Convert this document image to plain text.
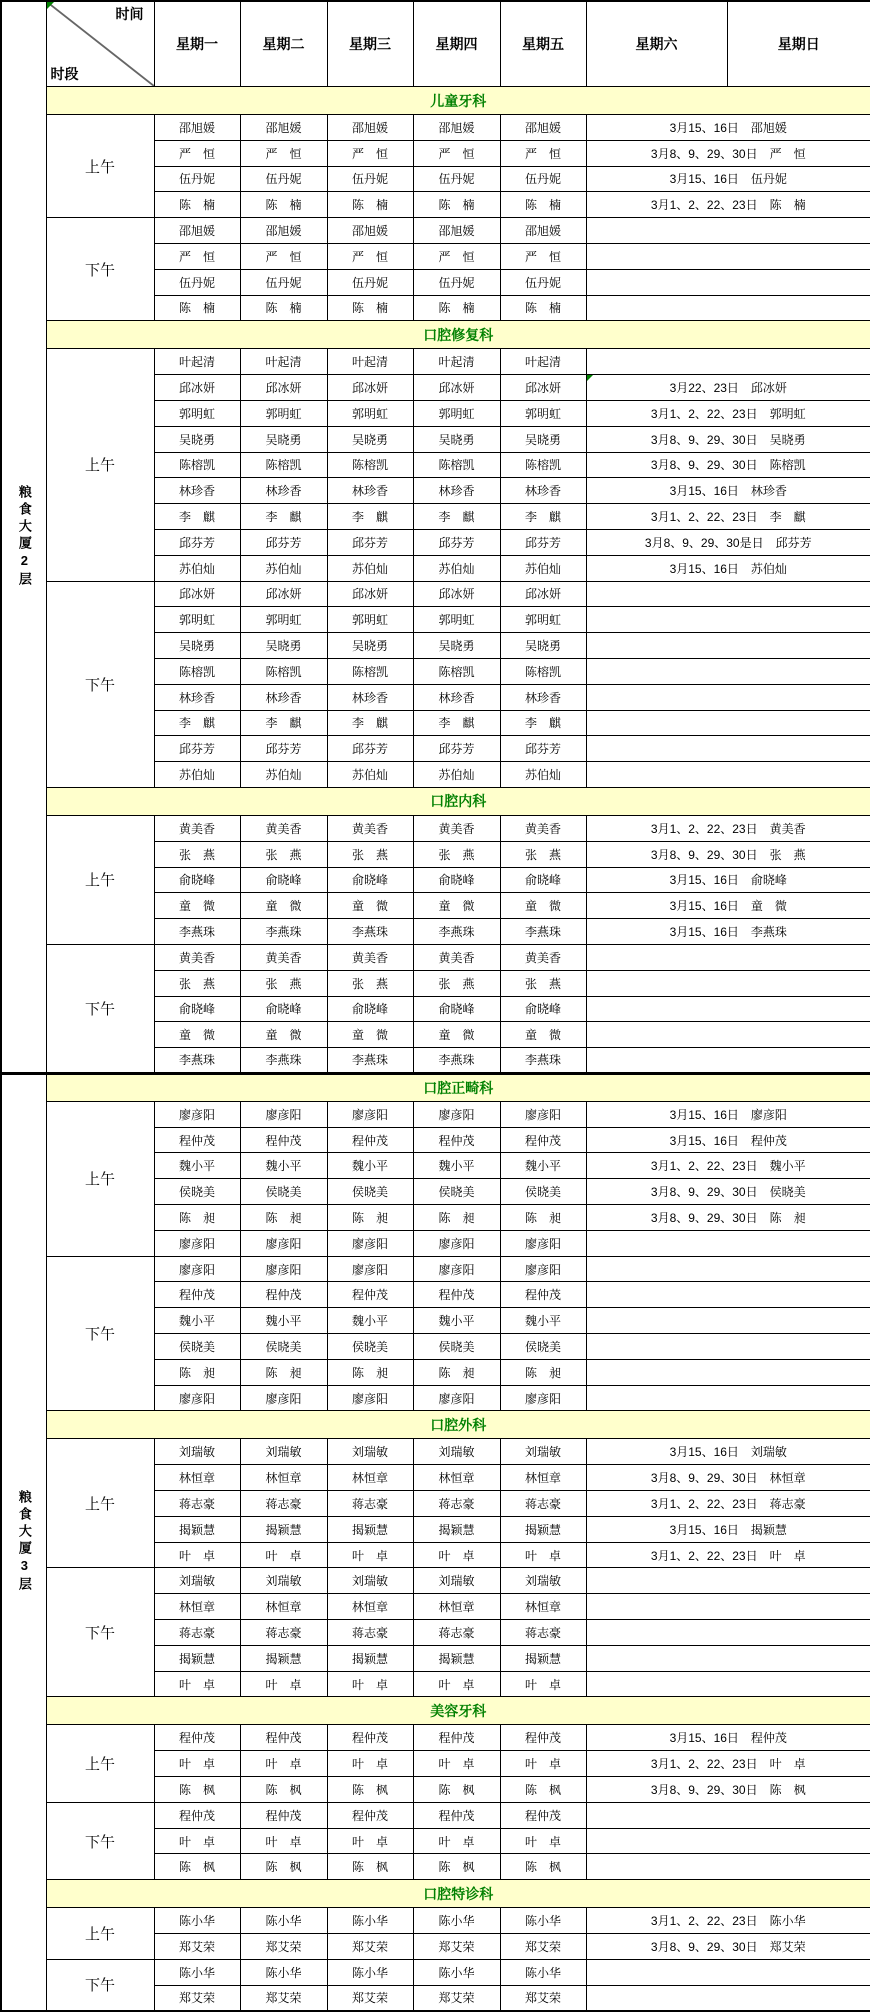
粮食大厦2层	时间

时段	星期一	星期二	星期三	星期四	星期五	星期六	星期日
	儿童牙科							
	上午	邵旭媛	邵旭媛	邵旭媛	邵旭媛	邵旭媛	3月15、16日　邵旭媛	
		严　恒	严　恒	严　恒	严　恒	严　恒	3月8、9、29、30日　严　恒	
		伍丹妮	伍丹妮	伍丹妮	伍丹妮	伍丹妮	3月15、16日　伍丹妮	
		陈　楠	陈　楠	陈　楠	陈　楠	陈　楠	3月1、2、22、23日　陈　楠	
	下午	邵旭媛	邵旭媛	邵旭媛	邵旭媛	邵旭媛		
		严　恒	严　恒	严　恒	严　恒	严　恒		
		伍丹妮	伍丹妮	伍丹妮	伍丹妮	伍丹妮		
		陈　楠	陈　楠	陈　楠	陈　楠	陈　楠		
	口腔修复科							
	上午	叶起清	叶起清	叶起清	叶起清	叶起清		
		邱冰妍	邱冰妍	邱冰妍	邱冰妍	邱冰妍	3月22、23日　邱冰妍	
		郭明虹	郭明虹	郭明虹	郭明虹	郭明虹	3月1、2、22、23日　郭明虹	
		吴晓勇	吴晓勇	吴晓勇	吴晓勇	吴晓勇	3月8、9、29、30日　吴晓勇	
		陈榕凯	陈榕凯	陈榕凯	陈榕凯	陈榕凯	3月8、9、29、30日　陈榕凯	
		林珍香	林珍香	林珍香	林珍香	林珍香	3月15、16日　林珍香	
		李　麒	李　麒	李　麒	李　麒	李　麒	3月1、2、22、23日　李　麒	
		邱芬芳	邱芬芳	邱芬芳	邱芬芳	邱芬芳	3月8、9、29、30是日　邱芬芳	
		苏伯灿	苏伯灿	苏伯灿	苏伯灿	苏伯灿	3月15、16日　苏伯灿	
	下午	邱冰妍	邱冰妍	邱冰妍	邱冰妍	邱冰妍		
		郭明虹	郭明虹	郭明虹	郭明虹	郭明虹		
		吴晓勇	吴晓勇	吴晓勇	吴晓勇	吴晓勇		
		陈榕凯	陈榕凯	陈榕凯	陈榕凯	陈榕凯		
		林珍香	林珍香	林珍香	林珍香	林珍香		
		李　麒	李　麒	李　麒	李　麒	李　麒		
		邱芬芳	邱芬芳	邱芬芳	邱芬芳	邱芬芳		
		苏伯灿	苏伯灿	苏伯灿	苏伯灿	苏伯灿		
	口腔内科							
	上午	黄美香	黄美香	黄美香	黄美香	黄美香	3月1、2、22、23日　黄美香	
		张　燕	张　燕	张　燕	张　燕	张　燕	3月8、9、29、30日　张　燕	
		俞晓峰	俞晓峰	俞晓峰	俞晓峰	俞晓峰	3月15、16日　俞晓峰	
		童　微	童　微	童　微	童　微	童　微	3月15、16日　童　微	
		李燕珠	李燕珠	李燕珠	李燕珠	李燕珠	3月15、16日　李燕珠	
	下午	黄美香	黄美香	黄美香	黄美香	黄美香		
		张　燕	张　燕	张　燕	张　燕	张　燕		
		俞晓峰	俞晓峰	俞晓峰	俞晓峰	俞晓峰		
		童　微	童　微	童　微	童　微	童　微		
		李燕珠	李燕珠	李燕珠	李燕珠	李燕珠		

粮食大厦3层	口腔正畸科							
	上午	廖彦阳	廖彦阳	廖彦阳	廖彦阳	廖彦阳	3月15、16日　廖彦阳	
		程仲茂	程仲茂	程仲茂	程仲茂	程仲茂	3月15、16日　程仲茂	
		魏小平	魏小平	魏小平	魏小平	魏小平	3月1、2、22、23日　魏小平	
		侯晓美	侯晓美	侯晓美	侯晓美	侯晓美	3月8、9、29、30日　侯晓美	
		陈　昶	陈　昶	陈　昶	陈　昶	陈　昶	3月8、9、29、30日　陈　昶	
		廖彦阳	廖彦阳	廖彦阳	廖彦阳	廖彦阳		
	下午	廖彦阳	廖彦阳	廖彦阳	廖彦阳	廖彦阳		
		程仲茂	程仲茂	程仲茂	程仲茂	程仲茂		
		魏小平	魏小平	魏小平	魏小平	魏小平		
		侯晓美	侯晓美	侯晓美	侯晓美	侯晓美		
		陈　昶	陈　昶	陈　昶	陈　昶	陈　昶		
		廖彦阳	廖彦阳	廖彦阳	廖彦阳	廖彦阳		
	口腔外科							
	上午	刘瑞敏	刘瑞敏	刘瑞敏	刘瑞敏	刘瑞敏	3月15、16日　刘瑞敏	
		林恒章	林恒章	林恒章	林恒章	林恒章	3月8、9、29、30日　林恒章	
		蒋志豪	蒋志豪	蒋志豪	蒋志豪	蒋志豪	3月1、2、22、23日　蒋志豪	
		揭颖慧	揭颖慧	揭颖慧	揭颖慧	揭颖慧	3月15、16日　揭颖慧	
		叶　卓	叶　卓	叶　卓	叶　卓	叶　卓	3月1、2、22、23日　叶　卓	
	下午	刘瑞敏	刘瑞敏	刘瑞敏	刘瑞敏	刘瑞敏		
		林恒章	林恒章	林恒章	林恒章	林恒章		
		蒋志豪	蒋志豪	蒋志豪	蒋志豪	蒋志豪		
		揭颖慧	揭颖慧	揭颖慧	揭颖慧	揭颖慧		
		叶　卓	叶　卓	叶　卓	叶　卓	叶　卓		
	美容牙科							
	上午	程仲茂	程仲茂	程仲茂	程仲茂	程仲茂	3月15、16日　程仲茂	
		叶　卓	叶　卓	叶　卓	叶　卓	叶　卓	3月1、2、22、23日　叶　卓	
		陈　枫	陈　枫	陈　枫	陈　枫	陈　枫	3月8、9、29、30日　陈　枫	
	下午	程仲茂	程仲茂	程仲茂	程仲茂	程仲茂		
		叶　卓	叶　卓	叶　卓	叶　卓	叶　卓		
		陈　枫	陈　枫	陈　枫	陈　枫	陈　枫		
	口腔特诊科							
	上午	陈小华	陈小华	陈小华	陈小华	陈小华	3月1、2、22、23日　陈小华	
		郑艾荣	郑艾荣	郑艾荣	郑艾荣	郑艾荣	3月8、9、29、30日　郑艾荣	
	下午	陈小华	陈小华	陈小华	陈小华	陈小华		
		郑艾荣	郑艾荣	郑艾荣	郑艾荣	郑艾荣		
